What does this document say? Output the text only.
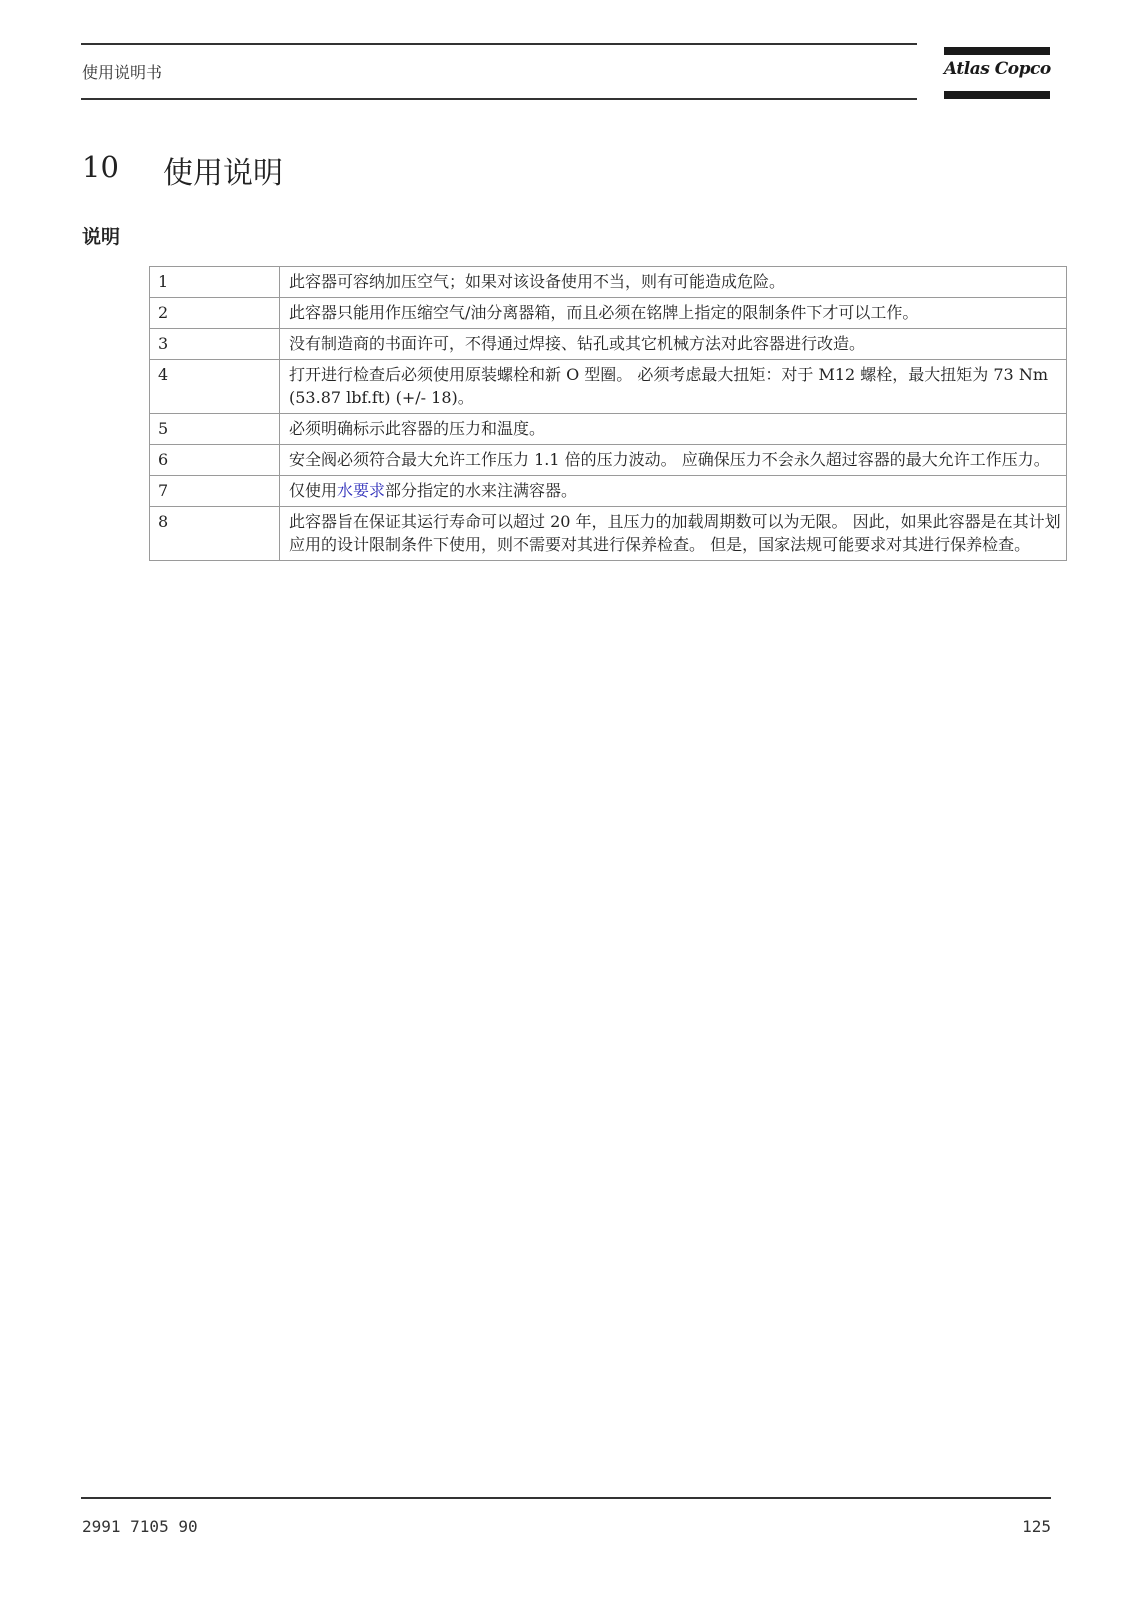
使用说明书	Atlas Copco
10 使用说明
说明
1	此容器可容纳加压空气；如果对该设备使用不当，则有可能造成危险。
2	此容器只能用作压缩空气/油分离器箱，而且必须在铭牌上指定的限制条件下才可以工作。
3	没有制造商的书面许可，不得通过焊接、钻孔或其它机械方法对此容器进行改造。
4	打开进行检查后必须使用原装螺栓和新 O 型圈。 必须考虑最大扭矩：对于 M12 螺栓，最大扭矩为 73 Nm (53.87 lbf.ft) (+/- 18)。
5	必须明确标示此容器的压力和温度。
6	安全阀必须符合最大允许工作压力 1.1 倍的压力波动。 应确保压力不会永久超过容器的最大允许工作压力。
7	仅使用水要求部分指定的水来注满容器。
8	此容器旨在保证其运行寿命可以超过 20 年，且压力的加载周期数可以为无限。 因此，如果此容器是在其计划应用的设计限制条件下使用，则不需要对其进行保养检查。 但是，国家法规可能要求对其进行保养检查。
2991 7105 90	125
